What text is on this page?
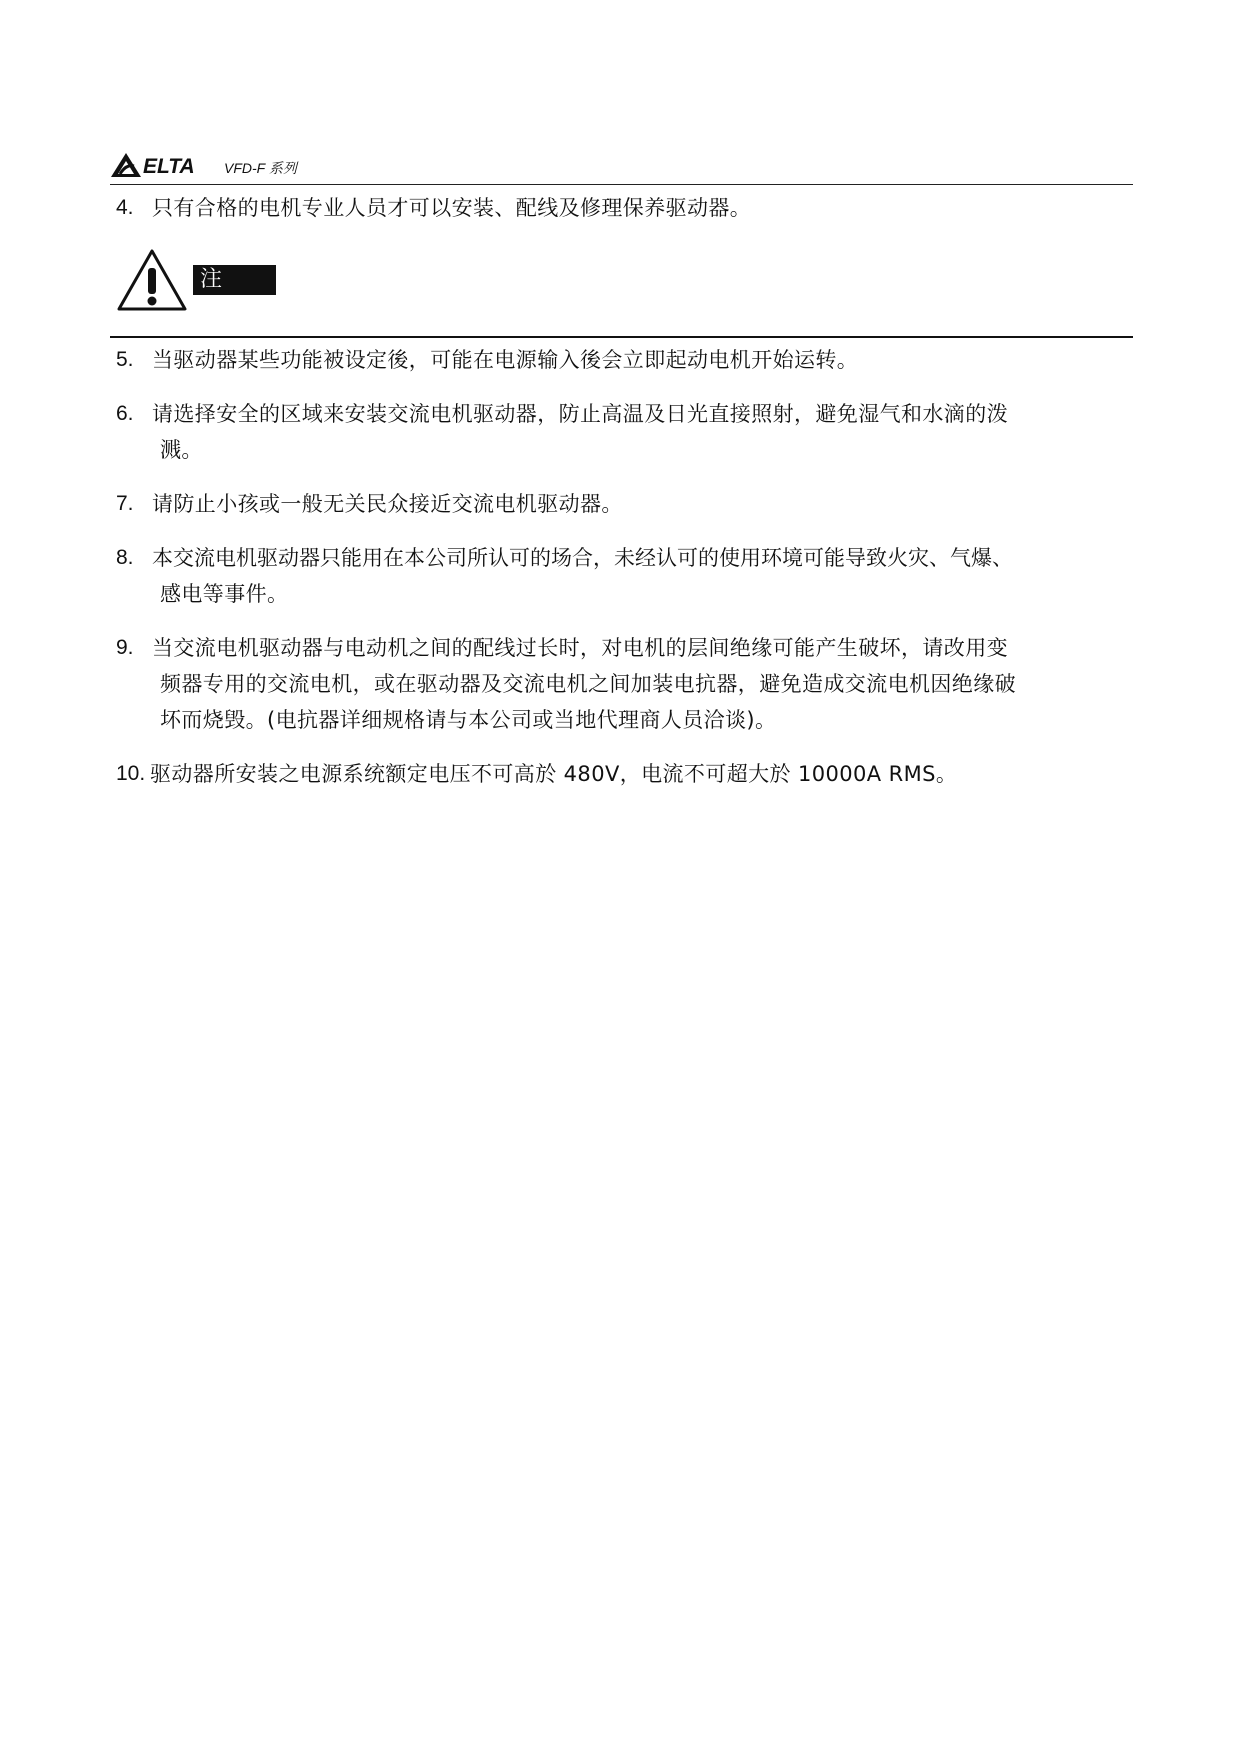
ELTA VFD-F 系列
4. 只有合格的电机专业人员才可以安装、配线及修理保养驱动器。
注意！
5. 当驱动器某些功能被设定後，可能在电源输入後会立即起动电机开始运转。
6. 请选择安全的区域来安装交流电机驱动器，防止高温及日光直接照射，避免湿气和水滴的泼
溅。
7. 请防止小孩或一般无关民众接近交流电机驱动器。
8. 本交流电机驱动器只能用在本公司所认可的场合，未经认可的使用环境可能导致火灾、气爆、
感电等事件。
9. 当交流电机驱动器与电动机之间的配线过长时，对电机的层间绝缘可能产生破坏，请改用变
频器专用的交流电机，或在驱动器及交流电机之间加装电抗器，避免造成交流电机因绝缘破
坏而烧毁。(电抗器详细规格请与本公司或当地代理商人员洽谈)。
10. 驱动器所安装之电源系统额定电压不可高於 480V，电流不可超大於 10000A RMS。
